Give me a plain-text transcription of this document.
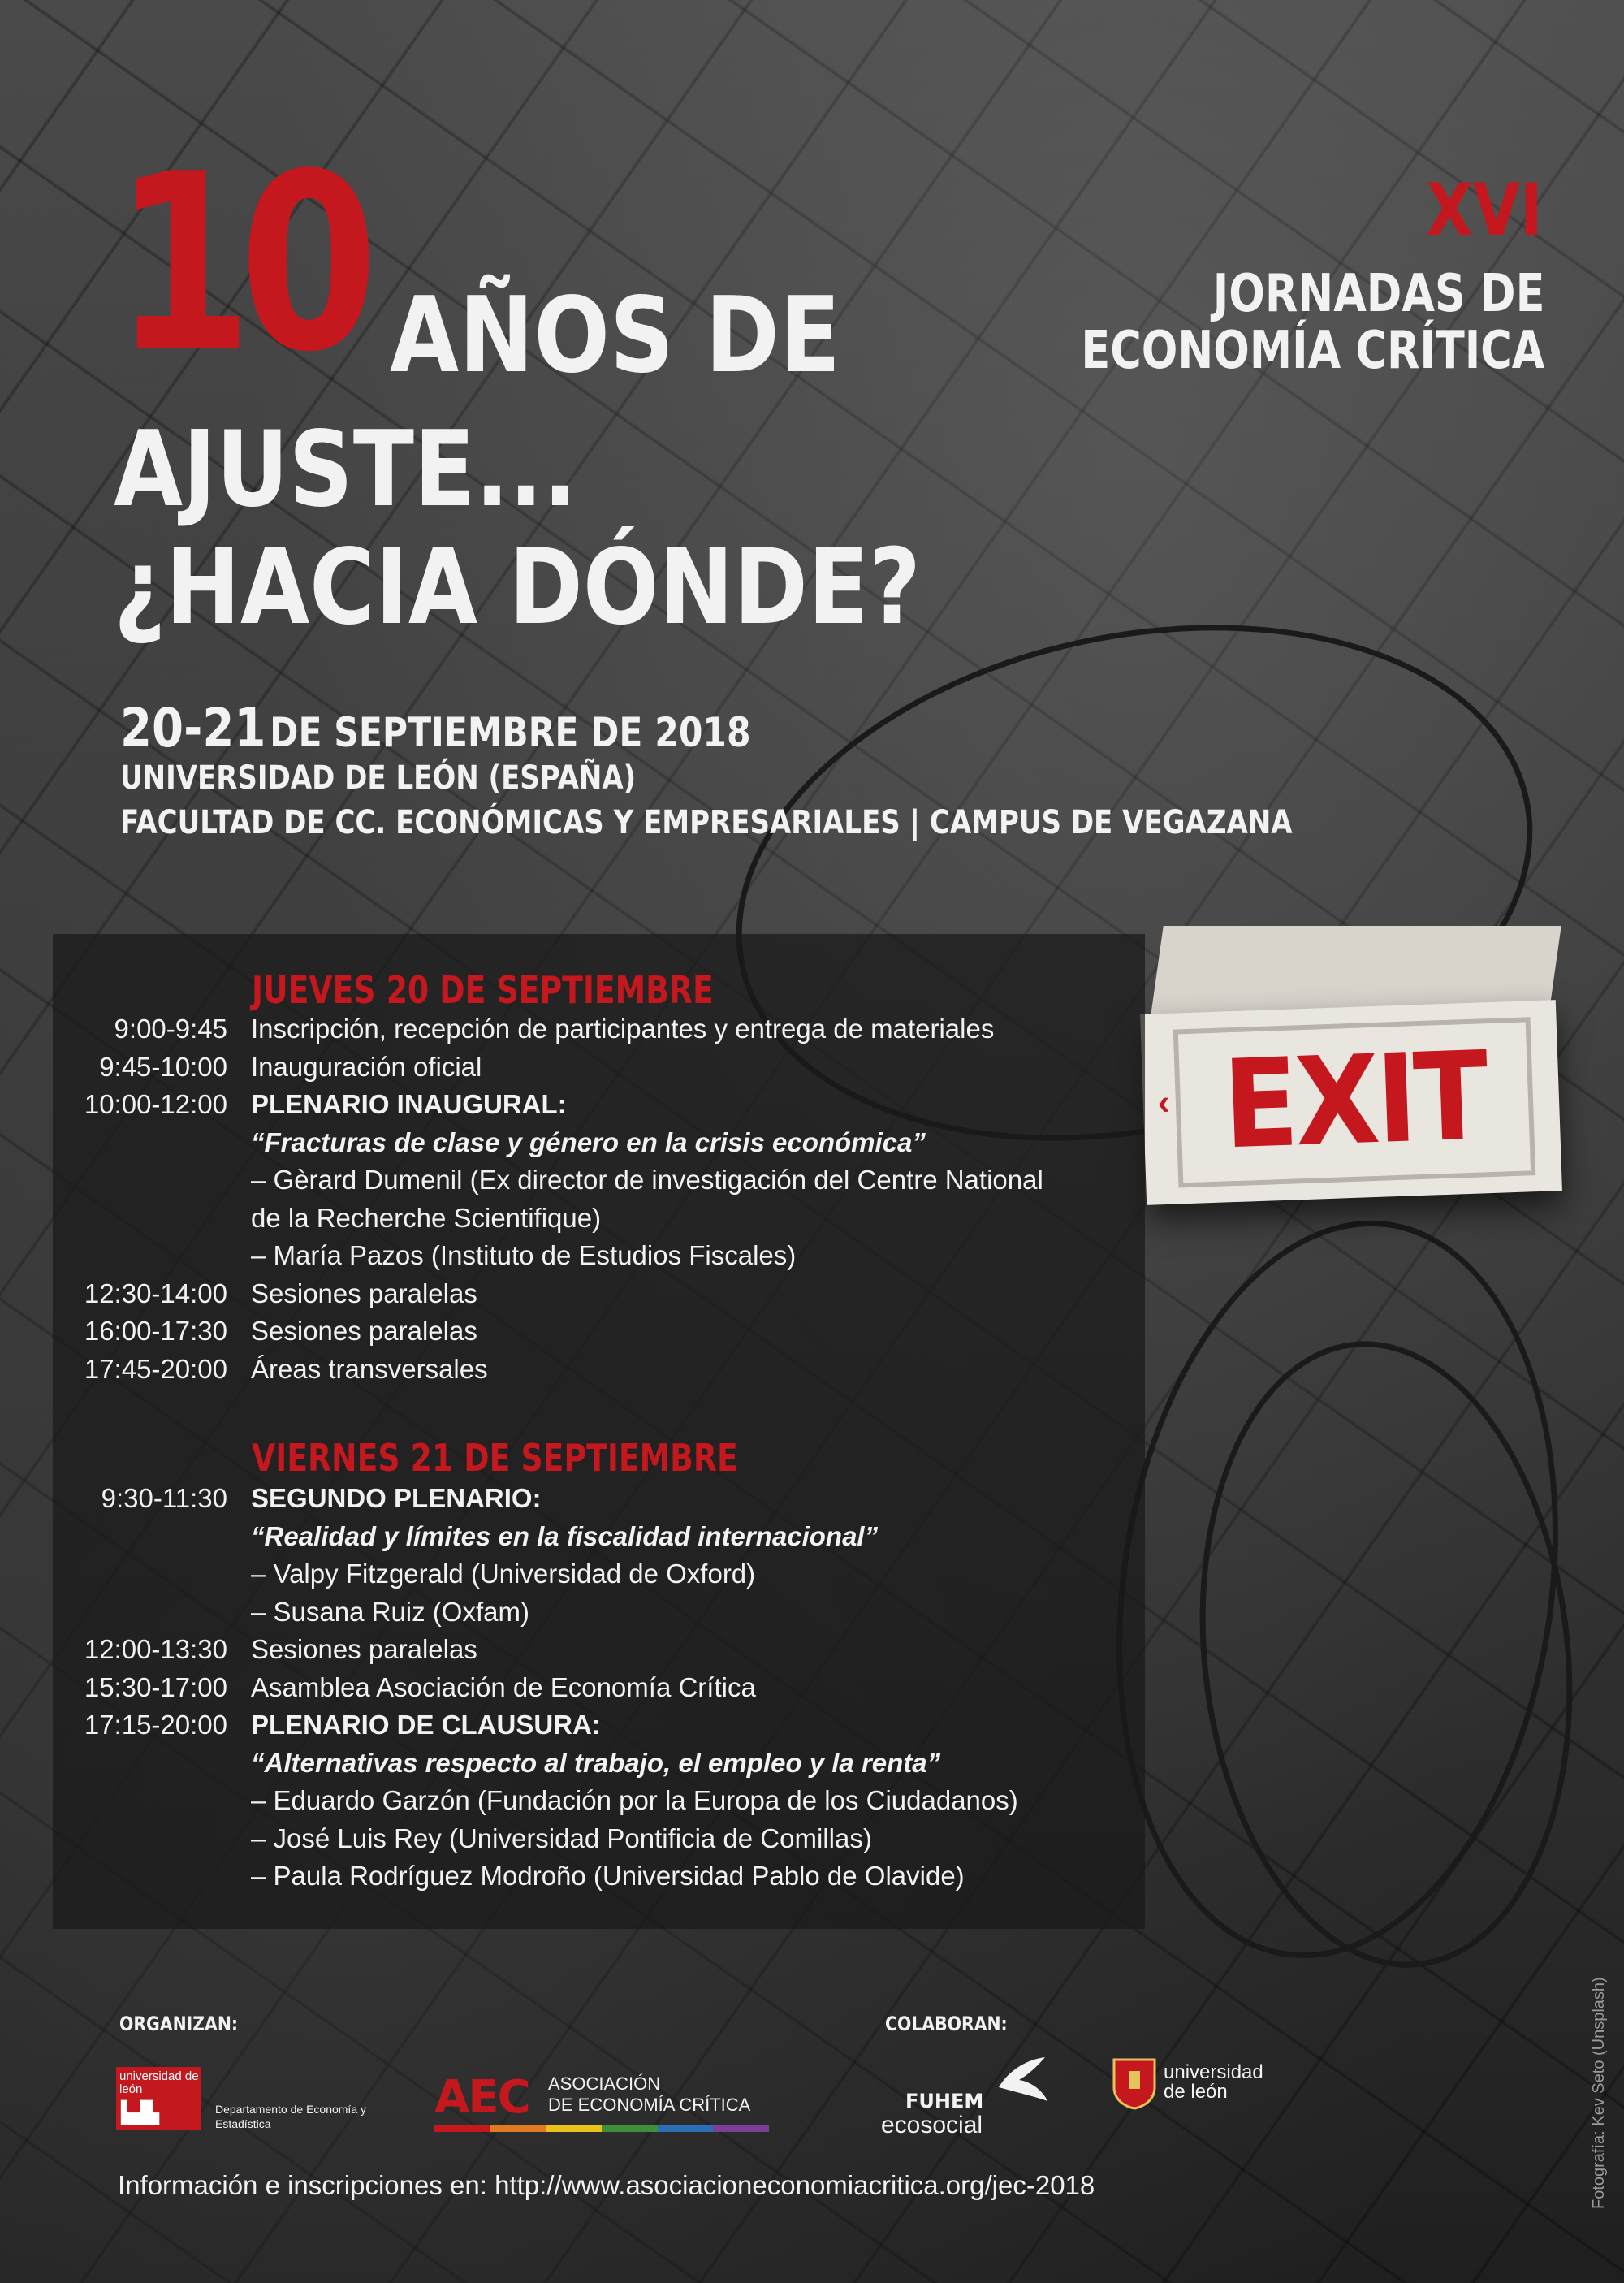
10 AÑOS DE
AJUSTE...
¿HACIA DÓNDE?
XVI
JORNADAS DE
ECONOMÍA CRÍTICA
20-21 DE SEPTIEMBRE DE 2018
UNIVERSIDAD DE LEÓN (ESPAÑA)
FACULTAD DE CC. ECONÓMICAS Y EMPRESARIALES | CAMPUS DE VEGAZANA
‹ EXIT
JUEVES 20 DE SEPTIEMBRE
9:00-9:45 Inscripción, recepción de participantes y entrega de materiales
9:45-10:00 Inauguración oficial
10:00-12:00 PLENARIO INAUGURAL:
“Fracturas de clase y género en la crisis económica”
– Gèrard Dumenil (Ex director de investigación del Centre National
de la Recherche Scientifique)
– María Pazos (Instituto de Estudios Fiscales)
12:30-14:00 Sesiones paralelas
16:00-17:30 Sesiones paralelas
17:45-20:00 Áreas transversales
VIERNES 21 DE SEPTIEMBRE
9:30-11:30 SEGUNDO PLENARIO:
“Realidad y límites en la fiscalidad internacional”
– Valpy Fitzgerald (Universidad de Oxford)
– Susana Ruiz (Oxfam)
12:00-13:30 Sesiones paralelas
15:30-17:00 Asamblea Asociación de Economía Crítica
17:15-20:00 PLENARIO DE CLAUSURA:
“Alternativas respecto al trabajo, el empleo y la renta”
– Eduardo Garzón (Fundación por la Europa de los Ciudadanos)
– José Luis Rey (Universidad Pontificia de Comillas)
– Paula Rodríguez Modroño (Universidad Pablo de Olavide)
ORGANIZAN:	COLABORAN:
universidad de león
▙▟▙	Departamento de Economía y Estadística	AEC ASOCIACIÓN
DE ECONOMÍA CRÍTICA	FUHEM
ecosocial
universidad
de león
Información e inscripciones en: http://www.asociacioneconomiacritica.org/jec-2018	Fotografía: Kev Seto (Unsplash)
